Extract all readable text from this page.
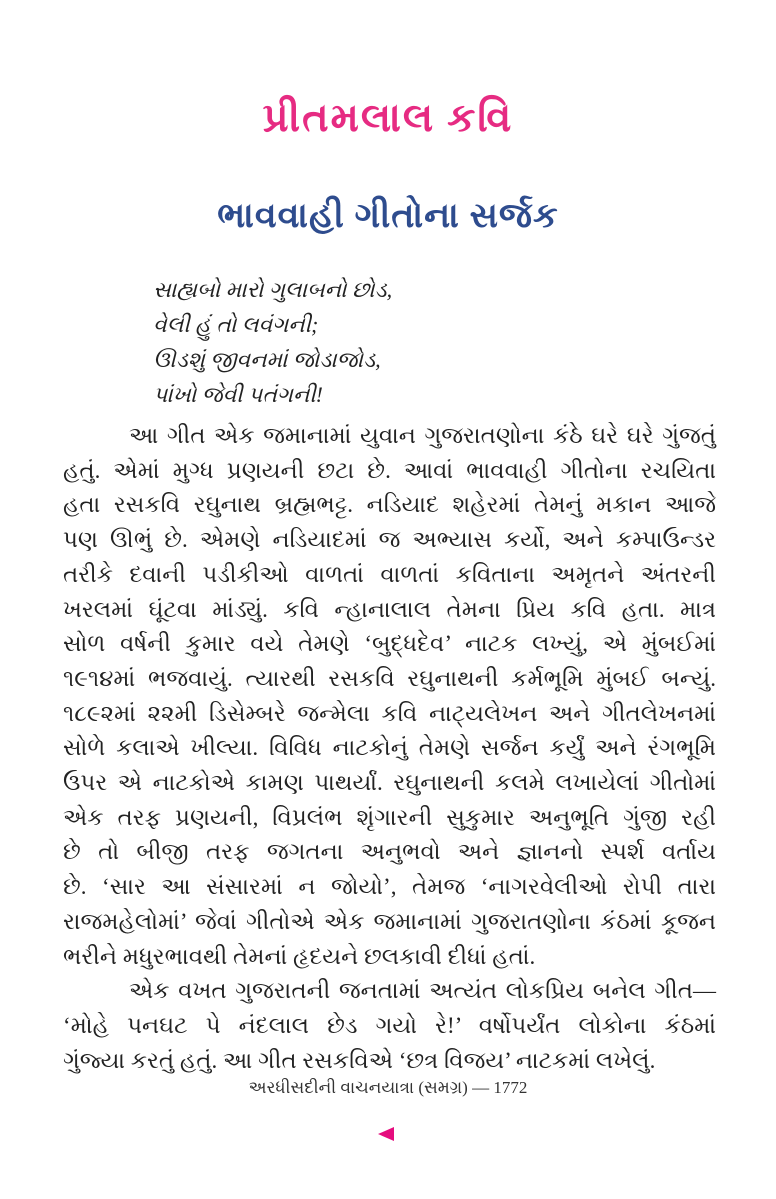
પ્રીતમલાલ કવિ
ભાવવાહી ગીતોના સર્જક
સાહ્યબો મારો ગુલાબનો છોડ,
વેલી હું તો લવંગની;
ઊડશું જીવનમાં જોડાજોડ,
પાંખો જેવી પતંગની!
આ ગીત એક જમાનામાં યુવાન ગુજરાતણોના કંઠે ઘરે ઘરે ગુંજતું
હતું. એમાં મુગ્ધ પ્રણયની છટા છે. આવાં ભાવવાહી ગીતોના રચયિતા
હતા રસકવિ રઘુનાથ બ્રહ્મભટ્ટ. નડિયાદ શહેરમાં તેમનું મકાન આજે
પણ ઊભું છે. એમણે નડિયાદમાં જ અભ્યાસ કર્યો, અને કમ્પાઉન્ડર
તરીકે દવાની પડીકીઓ વાળતાં વાળતાં કવિતાના અમૃતને અંતરની
ખરલમાં ઘૂંટવા માંડ્યું. કવિ ન્હાનાલાલ તેમના પ્રિય કવિ હતા. માત્ર
સોળ વર્ષની કુમાર વયે તેમણે ‘બુદ્ધદેવ’ નાટક લખ્યું, એ મુંબઈમાં
૧૯૧૪માં ભજવાયું. ત્યારથી રસકવિ રઘુનાથની કર્મભૂમિ મુંબઈ બન્યું.
૧૮૯૨માં ૨૨મી ડિસેમ્બરે જન્મેલા કવિ નાટ્યલેખન અને ગીતલેખનમાં
સોળે કલાએ ખીલ્યા. વિવિધ નાટકોનું તેમણે સર્જન કર્યું અને રંગભૂમિ
ઉપર એ નાટકોએ કામણ પાથર્યાં. રઘુનાથની કલમે લખાયેલાં ગીતોમાં
એક તરફ પ્રણયની, વિપ્રલંભ શૃંગારની સુકુમાર અનુભૂતિ ગુંજી રહી
છે તો બીજી તરફ જગતના અનુભવો અને જ્ઞાનનો સ્પર્શ વર્તાય
છે. ‘સાર આ સંસારમાં ન જોયો’, તેમજ ‘નાગરવેલીઓ રોપી તારા
રાજમહેલોમાં’ જેવાં ગીતોએ એક જમાનામાં ગુજરાતણોના કંઠમાં કૂજન
ભરીને મધુરભાવથી તેમનાં હૃદયને છલકાવી દીધાં હતાં.
એક વખત ગુજરાતની જનતામાં અત્યંત લોકપ્રિય બનેલ ગીત—
‘મોહે પનઘટ પે નંદલાલ છેડ ગયો રે!’ વર્ષોપર્યંત લોકોના કંઠમાં
ગુંજ્યા કરતું હતું. આ ગીત રસકવિએ ‘છત્ર વિજય’ નાટકમાં લખેલું.
અરધીસદીની વાચનયાત્રા (સમગ્ર) — 1772
